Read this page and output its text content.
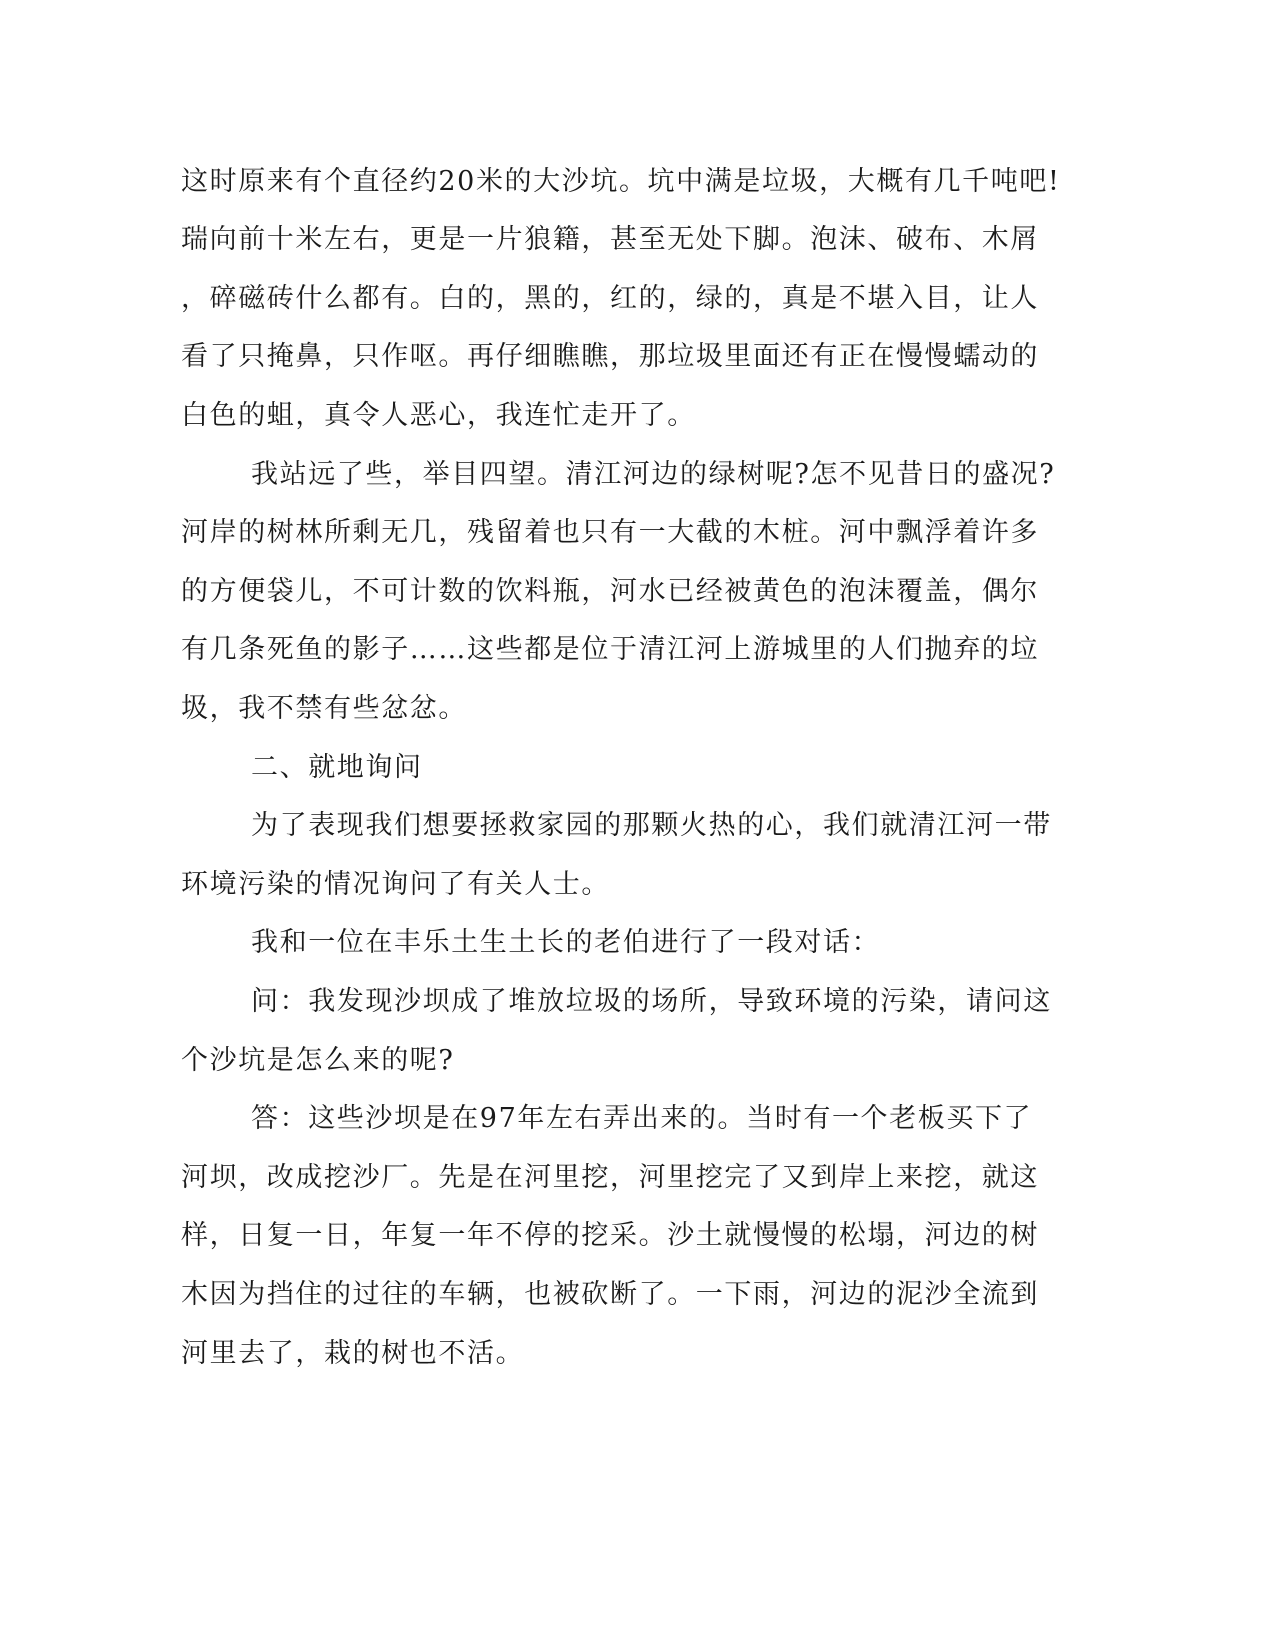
这时原来有个直径约20米的大沙坑。坑中满是垃圾，大概有几千吨吧!
瑞向前十米左右，更是一片狼籍，甚至无处下脚。泡沫、破布、木屑
，碎磁砖什么都有。白的，黑的，红的，绿的，真是不堪入目，让人
看了只掩鼻，只作呕。再仔细瞧瞧，那垃圾里面还有正在慢慢蠕动的
白色的蛆，真令人恶心，我连忙走开了。
我站远了些，举目四望。清江河边的绿树呢?怎不见昔日的盛况?
河岸的树林所剩无几，残留着也只有一大截的木桩。河中飘浮着许多
的方便袋儿，不可计数的饮料瓶，河水已经被黄色的泡沫覆盖，偶尔
有几条死鱼的影子……这些都是位于清江河上游城里的人们抛弃的垃
圾，我不禁有些忿忿。
二、就地询问
为了表现我们想要拯救家园的那颗火热的心，我们就清江河一带
环境污染的情况询问了有关人士。
我和一位在丰乐土生土长的老伯进行了一段对话：
问：我发现沙坝成了堆放垃圾的场所，导致环境的污染，请问这
个沙坑是怎么来的呢?
答：这些沙坝是在97年左右弄出来的。当时有一个老板买下了
河坝，改成挖沙厂。先是在河里挖，河里挖完了又到岸上来挖，就这
样，日复一日，年复一年不停的挖采。沙土就慢慢的松塌，河边的树
木因为挡住的过往的车辆，也被砍断了。一下雨，河边的泥沙全流到
河里去了，栽的树也不活。
